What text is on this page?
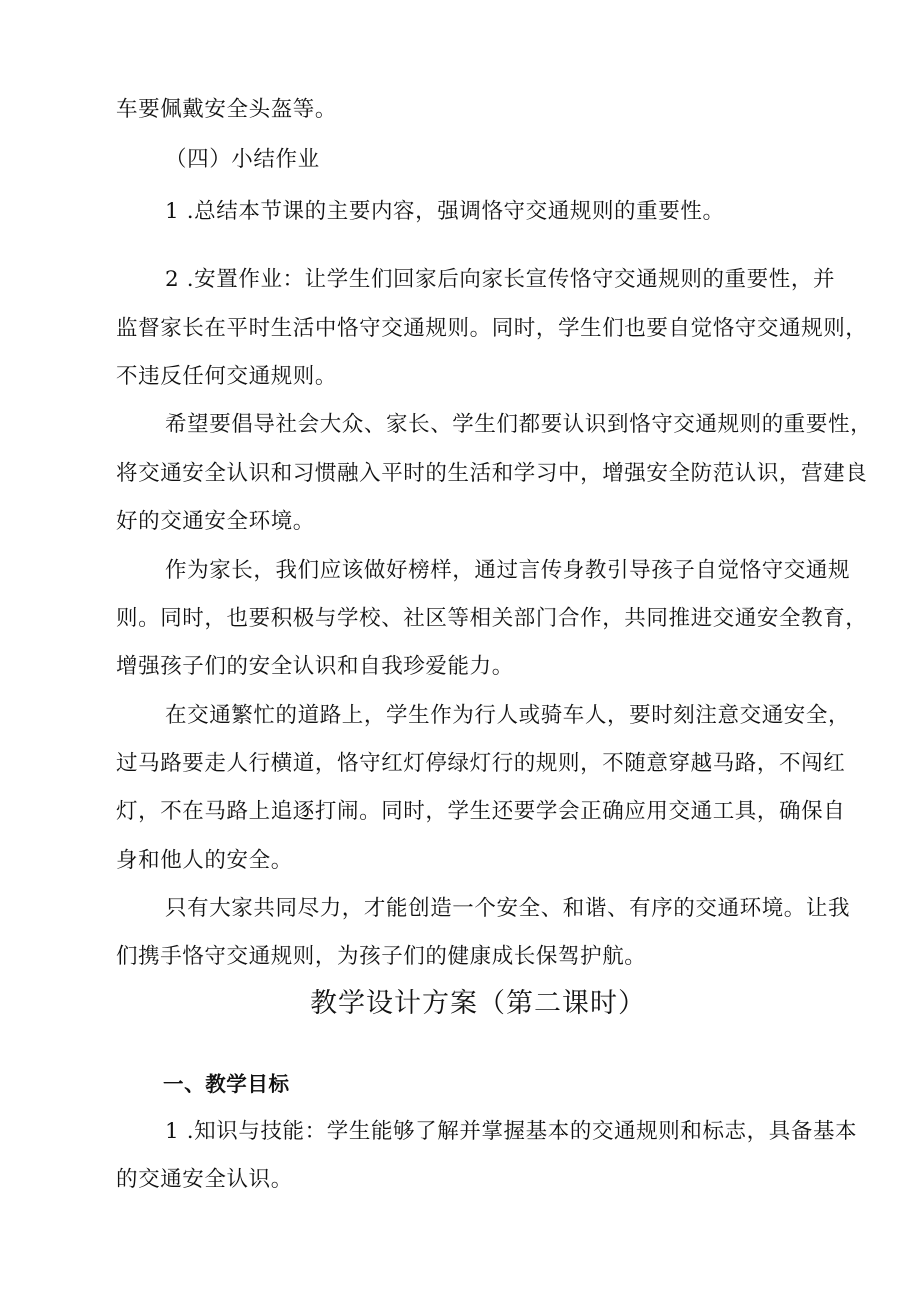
车要佩戴安全头盔等。
（四）小结作业
1 .总结本节课的主要内容，强调恪守交通规则的重要性。
2 .安置作业：让学生们回家后向家长宣传恪守交通规则的重要性，并
监督家长在平时生活中恪守交通规则。同时，学生们也要自觉恪守交通规则，
不违反任何交通规则。
希望要倡导社会大众、家长、学生们都要认识到恪守交通规则的重要性，
将交通安全认识和习惯融入平时的生活和学习中，增强安全防范认识，营建良
好的交通安全环境。
作为家长，我们应该做好榜样，通过言传身教引导孩子自觉恪守交通规
则。同时，也要积极与学校、社区等相关部门合作，共同推进交通安全教育，
增强孩子们的安全认识和自我珍爱能力。
在交通繁忙的道路上，学生作为行人或骑车人，要时刻注意交通安全，
过马路要走人行横道，恪守红灯停绿灯行的规则，不随意穿越马路，不闯红
灯，不在马路上追逐打闹。同时，学生还要学会正确应用交通工具，确保自
身和他人的安全。
只有大家共同尽力，才能创造一个安全、和谐、有序的交通环境。让我
们携手恪守交通规则，为孩子们的健康成长保驾护航。
教学设计方案（第二课时）
一、教学目标
1 .知识与技能：学生能够了解并掌握基本的交通规则和标志，具备基本
的交通安全认识。
